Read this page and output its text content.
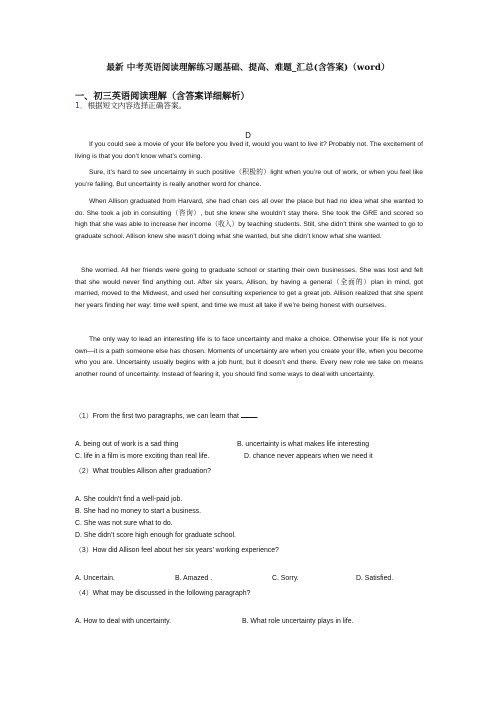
最新 中考英语阅读理解练习题基础、提高、难题_汇总(含答案)（word）
一、初三英语阅读理解（含答案详细解析）
1．根据短文内容选择正确答案。
D

If you could see a movie of your life before you lived it, would you want to live it? Probably not. The excitement of living is that you don’t know what’s coming.

Sure, it’s hard to see uncertainty in such positive（积极的）light when you’re out of work, or when you feel like you’re failing. But uncertainty is really another word for chance.

When Allison graduated from Harvard, she had chan ces all over the place but had no idea what she wanted to do. She took a job in consulting（咨询）, but she knew she wouldn’t stay there. She took the GRE and scored so high that she was able to increase her income（收入）by teaching students. Still, she didn’t think she wanted to go to graduate school. Allison knew she wasn’t doing what she wanted, but she didn’t know what she wanted.

She worried. All her friends were going to graduate school or starting their own businesses. She was lost and felt that she would never find anything out. After six years, Allison, by having a general（全面的）plan in mind, got married, moved to the Midwest, and used her consulting experience to get a great job. Allison realized that she spent her years finding her way: time well spent, and time we must all take if we’re being honest with ourselves.

The only way to lead an interesting life is to face uncertainty and make a choice. Otherwise your life is not your own—it is a path someone else has chosen. Moments of uncertainty are when you create your life, when you become who you are. Uncertainty usually begins with a job hunt, but it doesn’t end there. Every new role we take on means another round of uncertainty. Instead of fearing it, you should find some ways to deal with uncertainty.

（1）From the first two paragraphs, we can learn that	.
A. being out of work is a sad thing	B. uncertainty is what makes life interesting
C. life in a film is more exciting than real life.	D. chance never appears when we need it
（2）What troubles Allison after graduation?
A. She couldn’t find a well-paid job.
B. She had no money to start a business.
C. She was not sure what to do.
D. She didn’t score high enough for graduate school.
（3）How did Allison feel about her six years’ working experience?
A. Uncertain.	B. Amazed .	C. Sorry.	D. Satisfied.
（4）What may be discussed in the following paragraph?
A. How to deal with uncertainty.	B. What role uncertainty plays in life.
